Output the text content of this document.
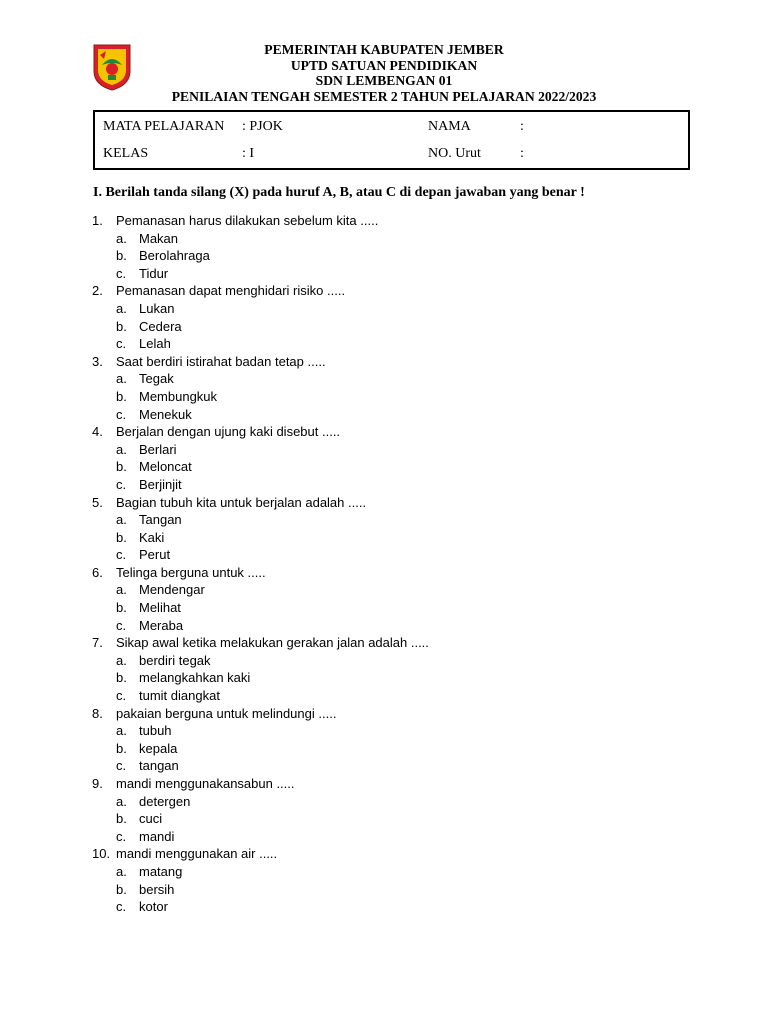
PEMERINTAH KABUPATEN JEMBER
UPTD SATUAN PENDIDIKAN
SDN LEMBENGAN 01
PENILAIAN TENGAH SEMESTER 2 TAHUN PELAJARAN 2022/2023
MATA PELAJARAN : PJOK	NAMA	:
KELAS	: I	NO. Urut	:
I. Berilah tanda silang (X) pada huruf A, B, atau C di depan jawaban yang benar !
1. Pemanasan harus dilakukan sebelum kita .....
a. Makan
b. Berolahraga
c. Tidur
2. Pemanasan dapat menghidari risiko .....
a. Lukan
b. Cedera
c. Lelah
3. Saat berdiri istirahat badan tetap .....
a. Tegak
b. Membungkuk
c. Menekuk
4. Berjalan dengan ujung kaki disebut .....
a. Berlari
b. Meloncat
c. Berjinjit
5. Bagian tubuh kita untuk berjalan adalah .....
a. Tangan
b. Kaki
c. Perut
6. Telinga berguna untuk .....
a. Mendengar
b. Melihat
c. Meraba
7. Sikap awal ketika melakukan gerakan jalan adalah .....
a. berdiri tegak
b. melangkahkan kaki
c. tumit diangkat
8. pakaian berguna untuk melindungi .....
a. tubuh
b. kepala
c. tangan
9. mandi menggunakansabun .....
a. detergen
b. cuci
c. mandi
10. mandi menggunakan air .....
a. matang
b. bersih
c. kotor
